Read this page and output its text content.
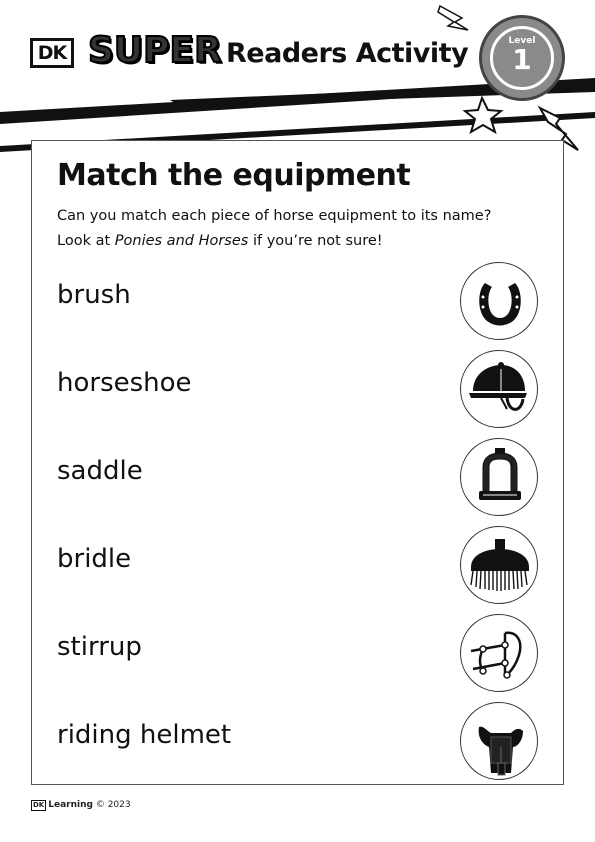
DK SUPER Readers Activity	Level
1
Match the equipment
Can you match each piece of horse equipment to its name?
Look at Ponies and Horses if you’re not sure!
brush
horseshoe
saddle
bridle
stirrup
riding helmet
DK Learning © 2023
